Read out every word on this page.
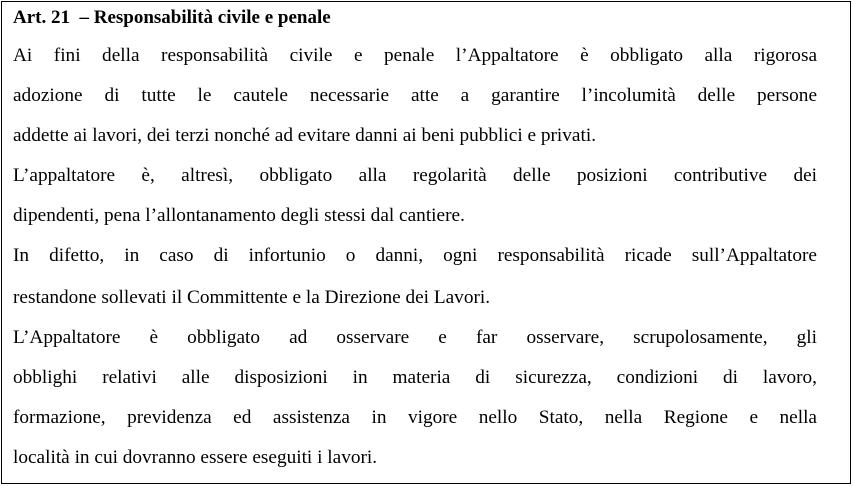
Art. 21  – Responsabilità civile e penale
Ai fini della responsabilità civile e penale l’Appaltatore è obbligato alla rigorosa
adozione di tutte le cautele necessarie atte a garantire l’incolumità delle persone
addette ai lavori, dei terzi nonché ad evitare danni ai beni pubblici e privati.
L’appaltatore è, altresì, obbligato alla regolarità delle posizioni contributive dei
dipendenti, pena l’allontanamento degli stessi dal cantiere.
In difetto, in caso di infortunio o danni, ogni responsabilità ricade sull’Appaltatore
restandone sollevati il Committente e la Direzione dei Lavori.
L’Appaltatore è obbligato ad osservare e far osservare, scrupolosamente, gli
obblighi relativi alle disposizioni in materia di sicurezza, condizioni di lavoro,
formazione, previdenza ed assistenza in vigore nello Stato, nella Regione e nella
località in cui dovranno essere eseguiti i lavori.
